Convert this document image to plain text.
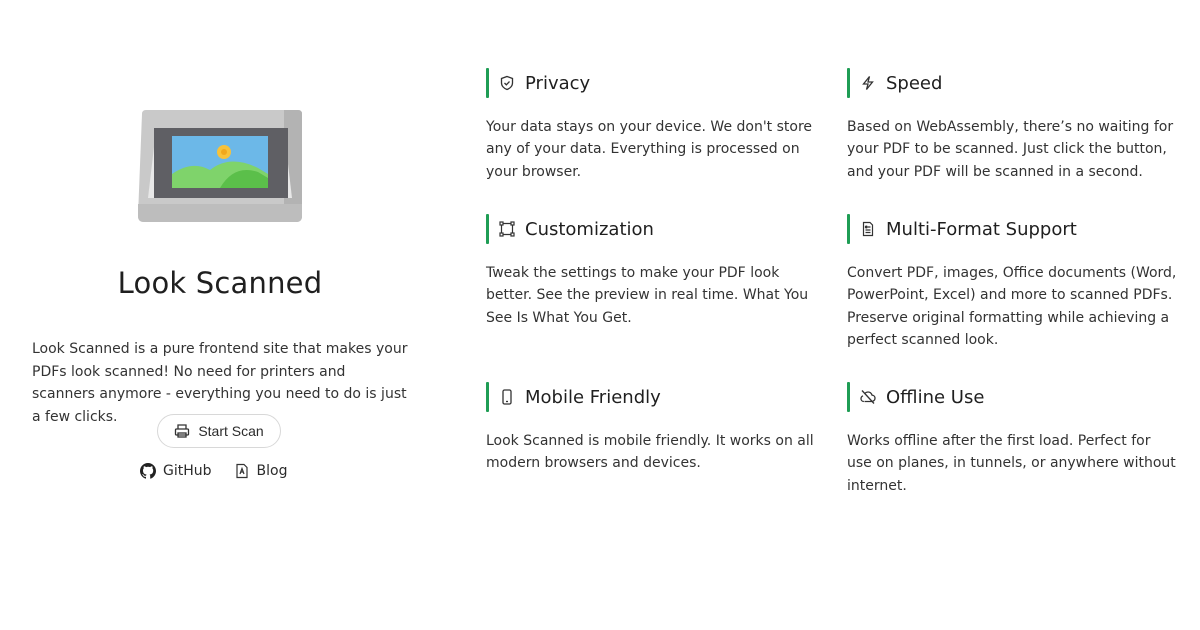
Look Scanned

Look Scanned is a pure frontend site that makes your PDFs look scanned! No need for printers and scanners anymore - everything you need to do is just a few clicks.

Start Scan
GitHub	Blog
Privacy

Your data stays on your device. We don't store any of your data. Everything is processed on your browser.

Speed

Based on WebAssembly, there’s no waiting for your PDF to be scanned. Just click the button, and your PDF will be scanned in a second.

Customization

Tweak the settings to make your PDF look better. See the preview in real time. What You See Is What You Get.

Multi-Format Support

Convert PDF, images, Office documents (Word, PowerPoint, Excel) and more to scanned PDFs. Preserve original formatting while achieving a perfect scanned look.

Mobile Friendly

Look Scanned is mobile friendly. It works on all modern browsers and devices.

Offline Use

Works offline after the first load. Perfect for use on planes, in tunnels, or anywhere without internet.
